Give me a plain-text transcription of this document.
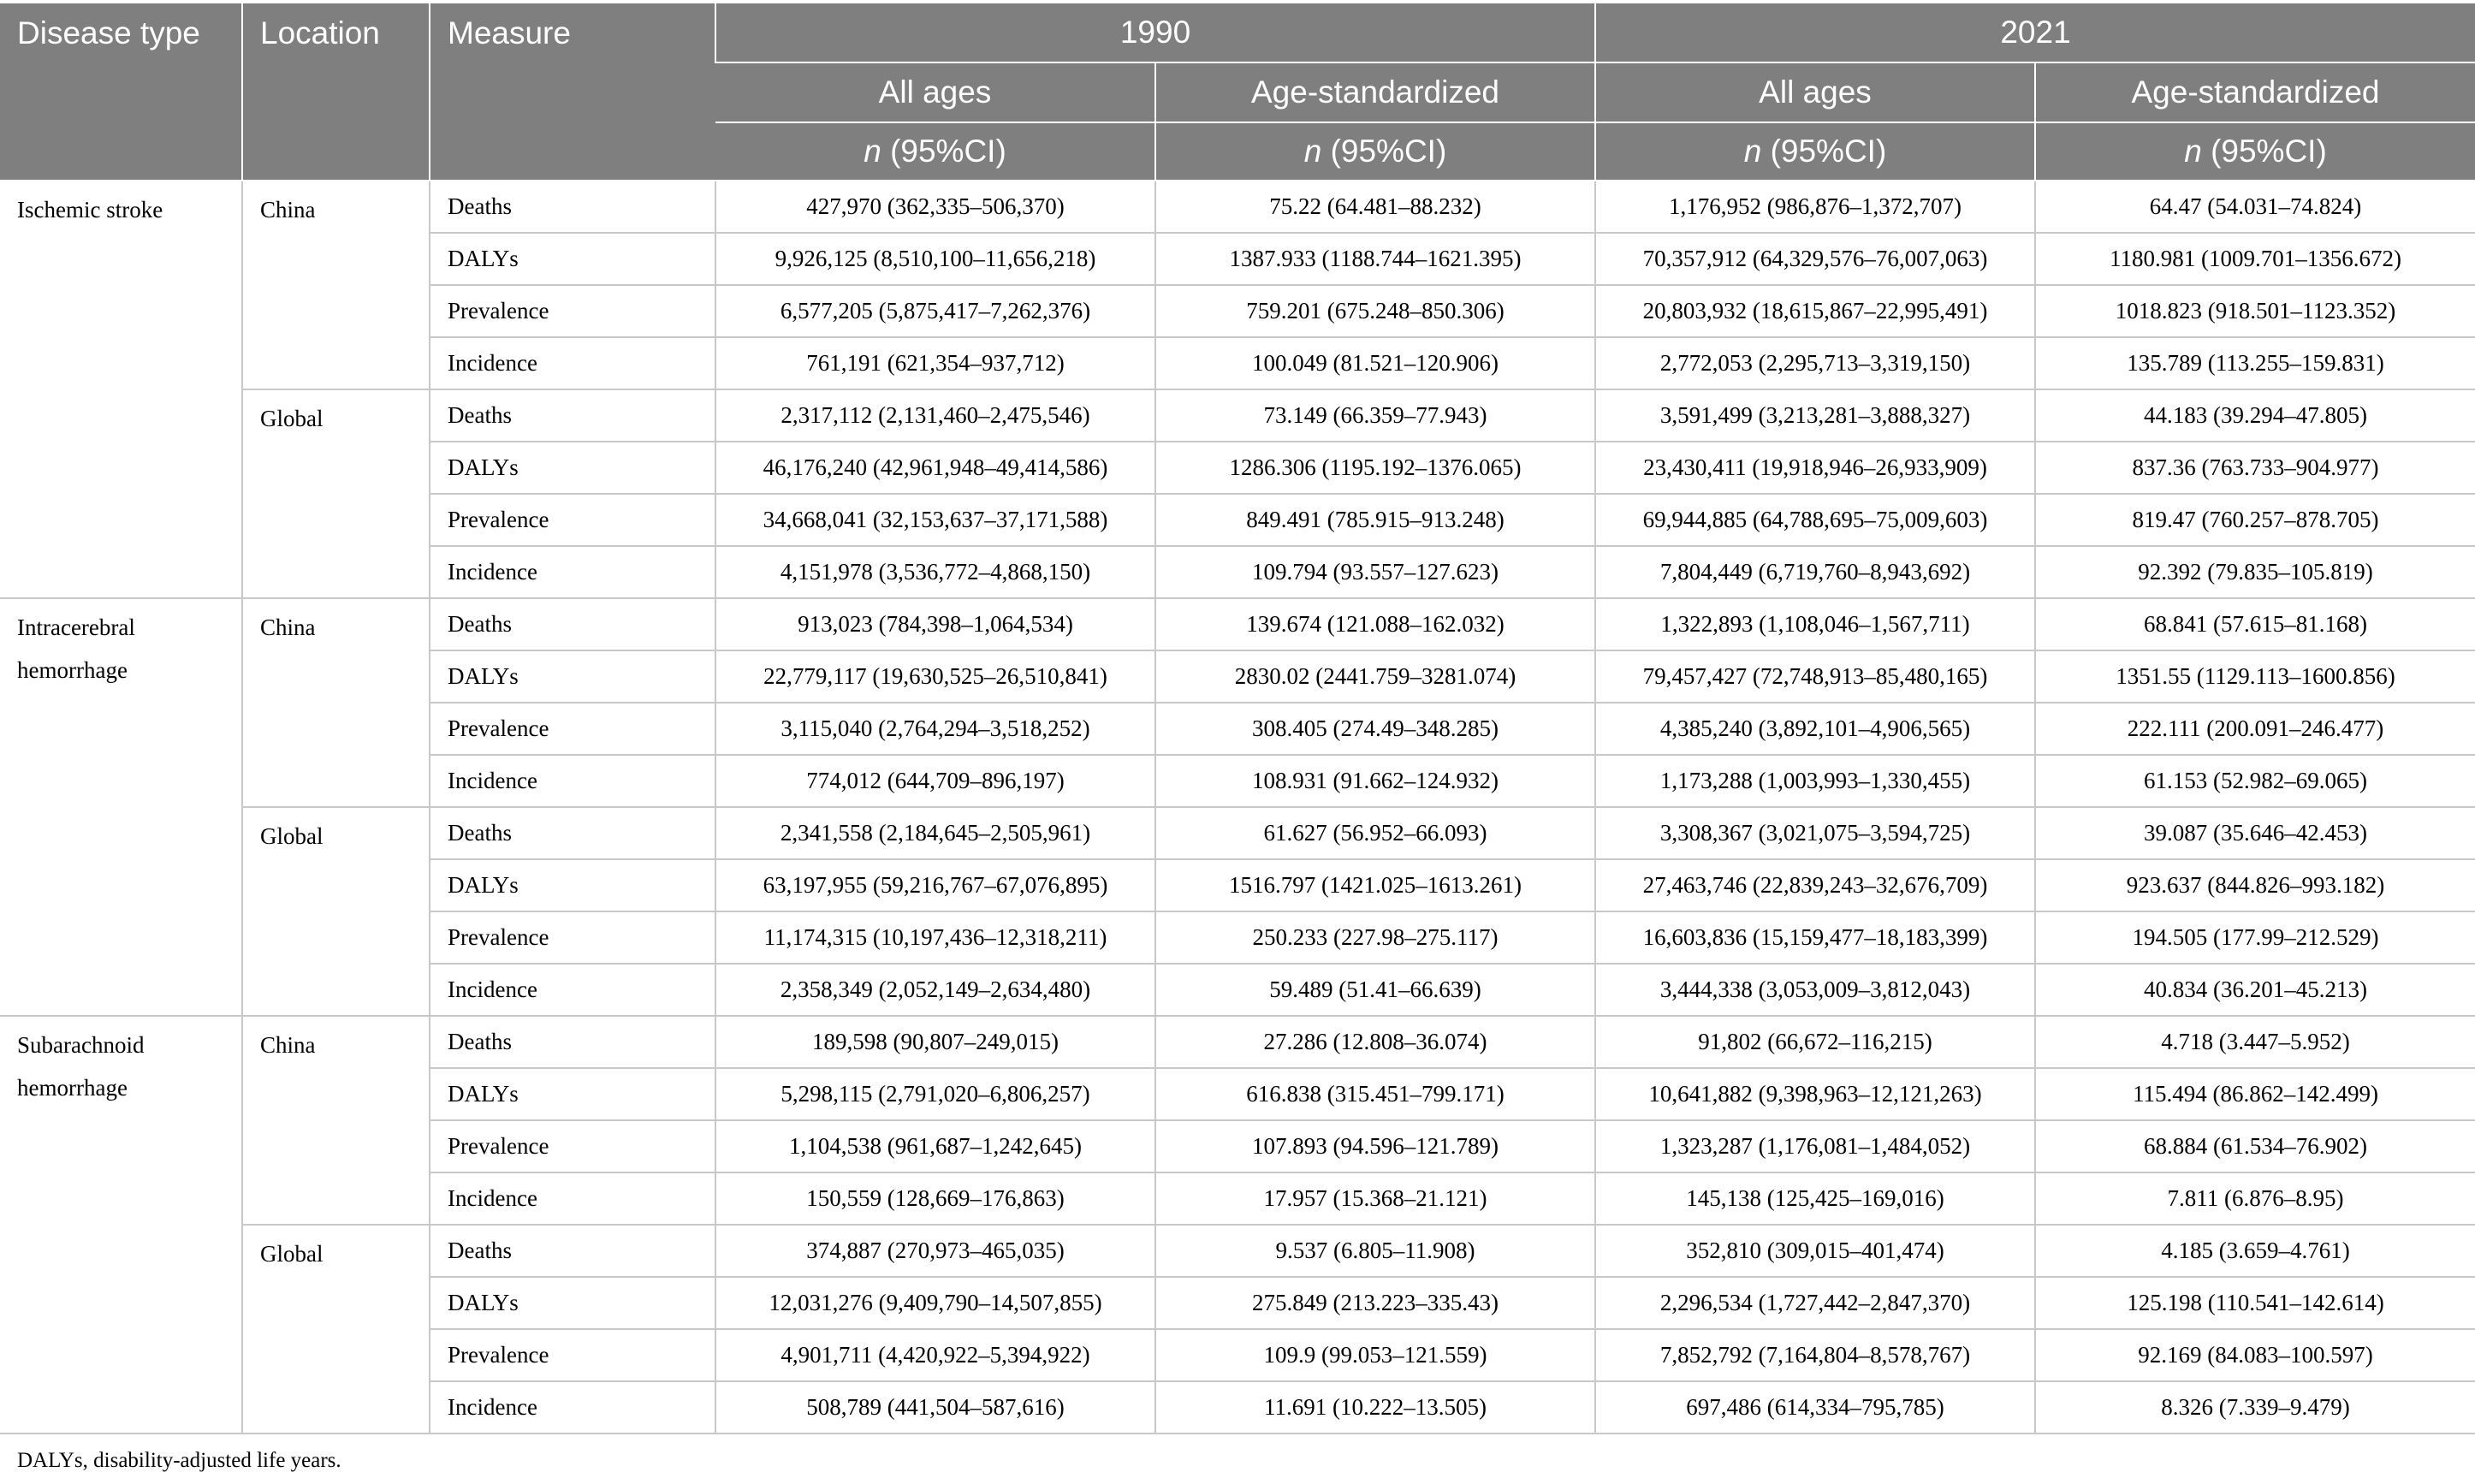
Disease type	Location	Measure	1990		2021	
			All ages	Age-standardized	All ages	Age-standardized
			n (95%CI)	n (95%CI)	n (95%CI)	n (95%CI)
Ischemic stroke	China	Deaths	427,970 (362,335–506,370)	75.22 (64.481–88.232)	1,176,952 (986,876–1,372,707)	64.47 (54.031–74.824)
		DALYs	9,926,125 (8,510,100–11,656,218)	1387.933 (1188.744–1621.395)	70,357,912 (64,329,576–76,007,063)	1180.981 (1009.701–1356.672)
		Prevalence	6,577,205 (5,875,417–7,262,376)	759.201 (675.248–850.306)	20,803,932 (18,615,867–22,995,491)	1018.823 (918.501–1123.352)
		Incidence	761,191 (621,354–937,712)	100.049 (81.521–120.906)	2,772,053 (2,295,713–3,319,150)	135.789 (113.255–159.831)
	Global	Deaths	2,317,112 (2,131,460–2,475,546)	73.149 (66.359–77.943)	3,591,499 (3,213,281–3,888,327)	44.183 (39.294–47.805)
		DALYs	46,176,240 (42,961,948–49,414,586)	1286.306 (1195.192–1376.065)	23,430,411 (19,918,946–26,933,909)	837.36 (763.733–904.977)
		Prevalence	34,668,041 (32,153,637–37,171,588)	849.491 (785.915–913.248)	69,944,885 (64,788,695–75,009,603)	819.47 (760.257–878.705)
		Incidence	4,151,978 (3,536,772–4,868,150)	109.794 (93.557–127.623)	7,804,449 (6,719,760–8,943,692)	92.392 (79.835–105.819)
Intracerebral hemorrhage	China	Deaths	913,023 (784,398–1,064,534)	139.674 (121.088–162.032)	1,322,893 (1,108,046–1,567,711)	68.841 (57.615–81.168)
		DALYs	22,779,117 (19,630,525–26,510,841)	2830.02 (2441.759–3281.074)	79,457,427 (72,748,913–85,480,165)	1351.55 (1129.113–1600.856)
		Prevalence	3,115,040 (2,764,294–3,518,252)	308.405 (274.49–348.285)	4,385,240 (3,892,101–4,906,565)	222.111 (200.091–246.477)
		Incidence	774,012 (644,709–896,197)	108.931 (91.662–124.932)	1,173,288 (1,003,993–1,330,455)	61.153 (52.982–69.065)
	Global	Deaths	2,341,558 (2,184,645–2,505,961)	61.627 (56.952–66.093)	3,308,367 (3,021,075–3,594,725)	39.087 (35.646–42.453)
		DALYs	63,197,955 (59,216,767–67,076,895)	1516.797 (1421.025–1613.261)	27,463,746 (22,839,243–32,676,709)	923.637 (844.826–993.182)
		Prevalence	11,174,315 (10,197,436–12,318,211)	250.233 (227.98–275.117)	16,603,836 (15,159,477–18,183,399)	194.505 (177.99–212.529)
		Incidence	2,358,349 (2,052,149–2,634,480)	59.489 (51.41–66.639)	3,444,338 (3,053,009–3,812,043)	40.834 (36.201–45.213)
Subarachnoid hemorrhage	China	Deaths	189,598 (90,807–249,015)	27.286 (12.808–36.074)	91,802 (66,672–116,215)	4.718 (3.447–5.952)
		DALYs	5,298,115 (2,791,020–6,806,257)	616.838 (315.451–799.171)	10,641,882 (9,398,963–12,121,263)	115.494 (86.862–142.499)
		Prevalence	1,104,538 (961,687–1,242,645)	107.893 (94.596–121.789)	1,323,287 (1,176,081–1,484,052)	68.884 (61.534–76.902)
		Incidence	150,559 (128,669–176,863)	17.957 (15.368–21.121)	145,138 (125,425–169,016)	7.811 (6.876–8.95)
	Global	Deaths	374,887 (270,973–465,035)	9.537 (6.805–11.908)	352,810 (309,015–401,474)	4.185 (3.659–4.761)
		DALYs	12,031,276 (9,409,790–14,507,855)	275.849 (213.223–335.43)	2,296,534 (1,727,442–2,847,370)	125.198 (110.541–142.614)
		Prevalence	4,901,711 (4,420,922–5,394,922)	109.9 (99.053–121.559)	7,852,792 (7,164,804–8,578,767)	92.169 (84.083–100.597)
		Incidence	508,789 (441,504–587,616)	11.691 (10.222–13.505)	697,486 (614,334–795,785)	8.326 (7.339–9.479)
DALYs, disability-adjusted life years.
